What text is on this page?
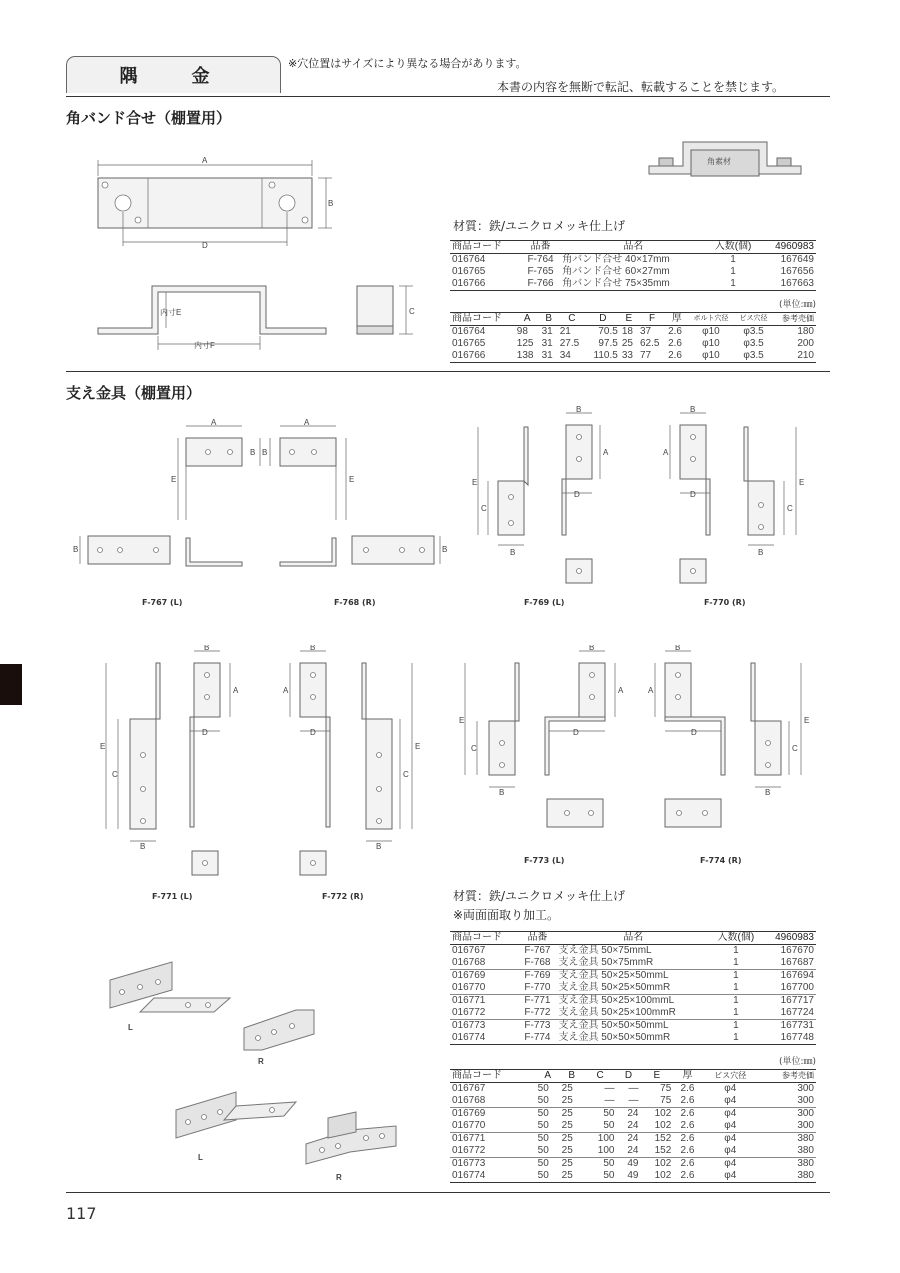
隅　金
※穴位置はサイズにより異なる場合があります。
本書の内容を無断で転記、転載することを禁じます。
角バンド合せ（棚置用）
A
B
D
内寸E
内寸F
C
角素材
材質：鉄/ユニクロメッキ仕上げ
商品コード	品番	品名	入数(個)	4960983
016764	F-764	角バンド合せ 40×17mm	1	167649
016765	F-765	角バンド合せ 60×27mm	1	167656
016766	F-766	角バンド合せ 75×35mm	1	167663
(単位:㎜)
商品コード	A	B	C	D	E	F	厚	ボルト穴径	ビス穴径	参考売価
016764	98	31	21	70.5	18	37	2.6	φ10	φ3.5	180
016765	125	31	27.5	97.5	25	62.5	2.6	φ10	φ3.5	200
016766	138	31	34	110.5	33	77	2.6	φ10	φ3.5	210
支え金具（棚置用）
A
E
B
B
A
E
B
B
F-767 (L)	F-768 (R)
C
E
B
B
A
D
B
A
D
C
E
B
F-769 (L)	F-770 (R)
C
E
B
B
A
D
B
A
D
C
E
B
F-771 (L)	F-772 (R)
C
E
B
B
A
D
B
A
D
C
E
B
F-773 (L)	F-774 (R)
L
R
L
R
材質：鉄/ユニクロメッキ仕上げ
※両面面取り加工。
商品コード	品番	品名	入数(個)	4960983
016767	F-767	支え金具 50×75mmL	1	167670
016768	F-768	支え金具 50×75mmR	1	167687
016769	F-769	支え金具 50×25×50mmL	1	167694
016770	F-770	支え金具 50×25×50mmR	1	167700
016771	F-771	支え金具 50×25×100mmL	1	167717
016772	F-772	支え金具 50×25×100mmR	1	167724
016773	F-773	支え金具 50×50×50mmL	1	167731
016774	F-774	支え金具 50×50×50mmR	1	167748
(単位:㎜)
商品コード	A	B	C	D	E	厚	ビス穴径	参考売価
016767	50	25	—	—	75	2.6	φ4	300
016768	50	25	—	—	75	2.6	φ4	300
016769	50	25	50	24	102	2.6	φ4	300
016770	50	25	50	24	102	2.6	φ4	300
016771	50	25	100	24	152	2.6	φ4	380
016772	50	25	100	24	152	2.6	φ4	380
016773	50	25	50	49	102	2.6	φ4	380
016774	50	25	50	49	102	2.6	φ4	380
117
